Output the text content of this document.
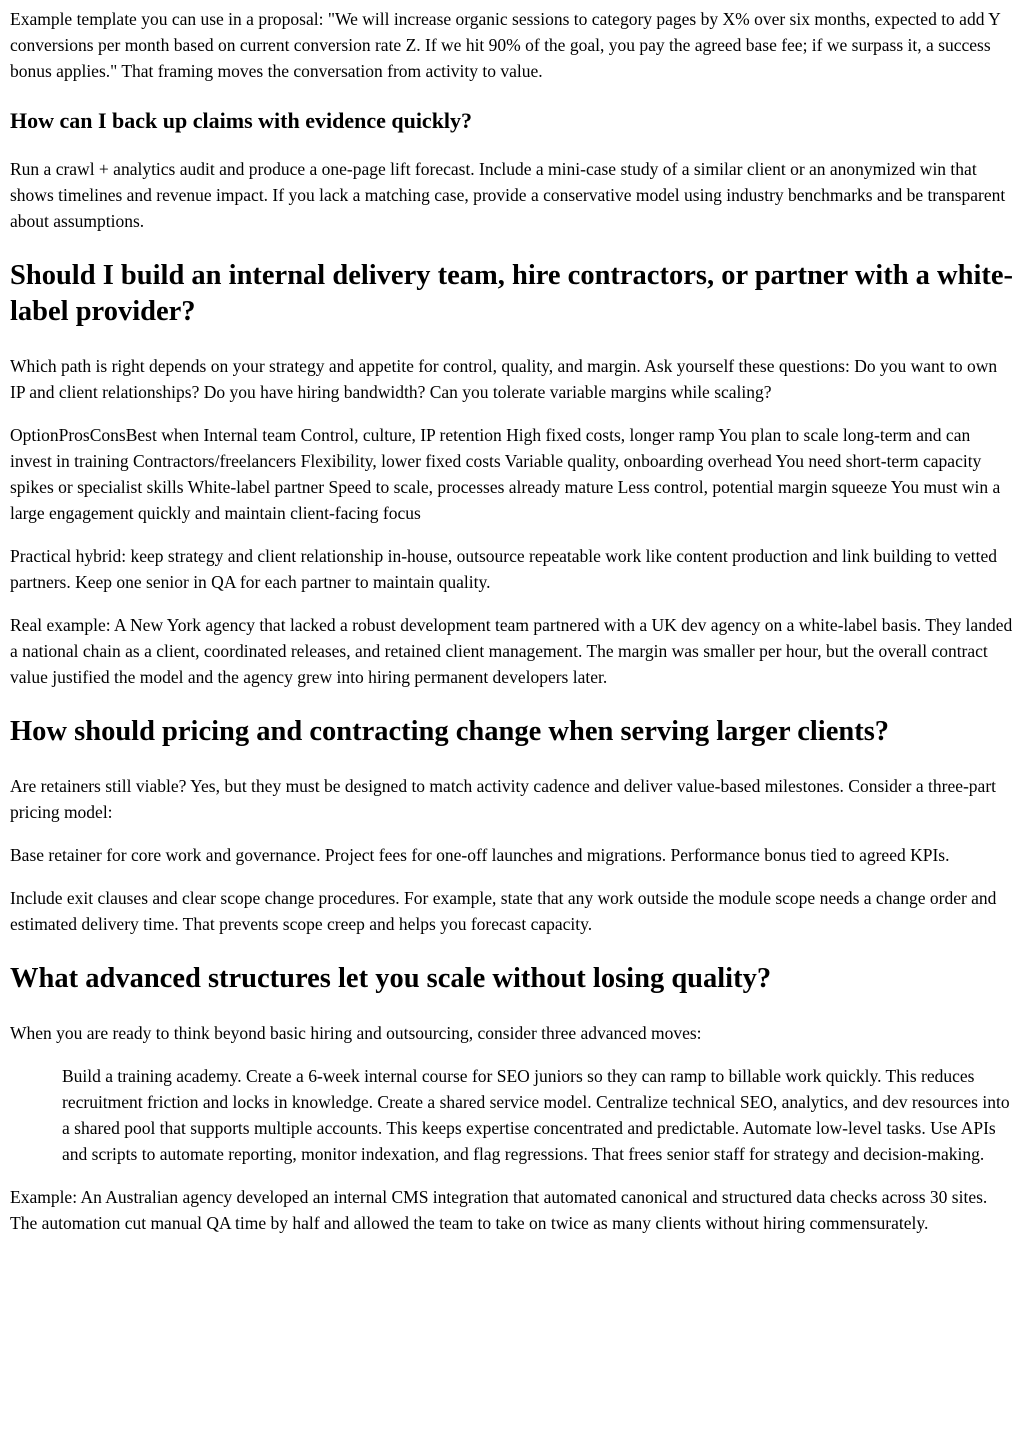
Example template you can use in a proposal: "We will increase organic sessions to category pages by X% over six months, expected to add Y conversions per month based on current conversion rate Z. If we hit 90% of the goal, you pay the agreed base fee; if we surpass it, a success bonus applies." That framing moves the conversation from activity to value.

How can I back up claims with evidence quickly?

Run a crawl + analytics audit and produce a one-page lift forecast. Include a mini-case study of a similar client or an anonymized win that shows timelines and revenue impact. If you lack a matching case, provide a conservative model using industry benchmarks and be transparent about assumptions.

Should I build an internal delivery team, hire contractors, or partner with a white-label provider?

Which path is right depends on your strategy and appetite for control, quality, and margin. Ask yourself these questions: Do you want to own IP and client relationships? Do you have hiring bandwidth? Can you tolerate variable margins while scaling?

OptionProsConsBest when Internal team Control, culture, IP retention High fixed costs, longer ramp You plan to scale long-term and can invest in training Contractors/freelancers Flexibility, lower fixed costs Variable quality, onboarding overhead You need short-term capacity spikes or specialist skills White-label partner Speed to scale, processes already mature Less control, potential margin squeeze You must win a large engagement quickly and maintain client-facing focus

Practical hybrid: keep strategy and client relationship in-house, outsource repeatable work like content production and link building to vetted partners. Keep one senior in QA for each partner to maintain quality.

Real example: A New York agency that lacked a robust development team partnered with a UK dev agency on a white-label basis. They landed a national chain as a client, coordinated releases, and retained client management. The margin was smaller per hour, but the overall contract value justified the model and the agency grew into hiring permanent developers later.

How should pricing and contracting change when serving larger clients?

Are retainers still viable? Yes, but they must be designed to match activity cadence and deliver value-based milestones. Consider a three-part pricing model:

Base retainer for core work and governance. Project fees for one-off launches and migrations. Performance bonus tied to agreed KPIs.

Include exit clauses and clear scope change procedures. For example, state that any work outside the module scope needs a change order and estimated delivery time. That prevents scope creep and helps you forecast capacity.

What advanced structures let you scale without losing quality?

When you are ready to think beyond basic hiring and outsourcing, consider three advanced moves:

Build a training academy. Create a 6-week internal course for SEO juniors so they can ramp to billable work quickly. This reduces recruitment friction and locks in knowledge. Create a shared service model. Centralize technical SEO, analytics, and dev resources into a shared pool that supports multiple accounts. This keeps expertise concentrated and predictable. Automate low-level tasks. Use APIs and scripts to automate reporting, monitor indexation, and flag regressions. That frees senior staff for strategy and decision-making.

Example: An Australian agency developed an internal CMS integration that automated canonical and structured data checks across 30 sites. The automation cut manual QA time by half and allowed the team to take on twice as many clients without hiring commensurately.
